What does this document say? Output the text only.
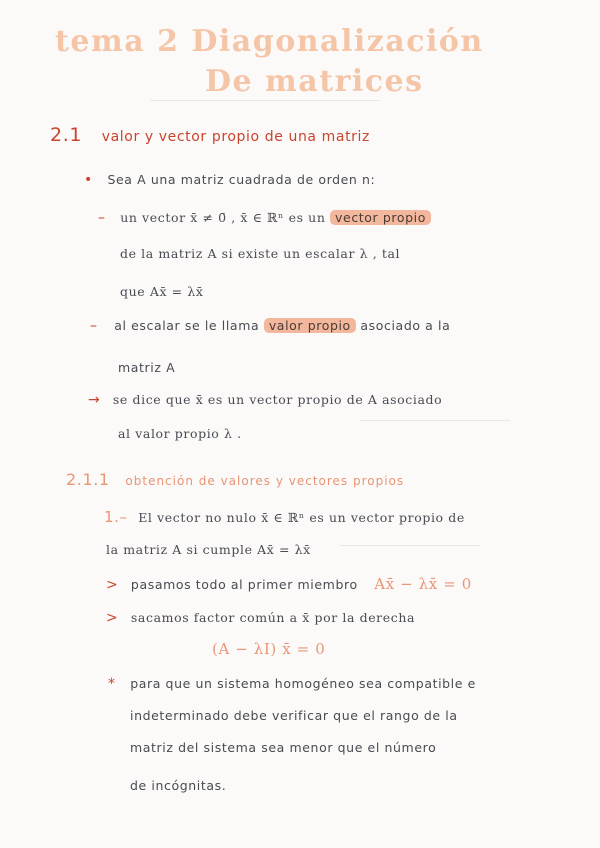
tema 2 Diagonalización
De matrices
2.1 valor y vector propio de una matriz
• Sea A una matriz cuadrada de orden n:
– un vector x̄ ≠ 0̄ , x̄ ∈ ℝⁿ es un vector propio
de la matriz A si existe un escalar λ , tal
que Ax̄ = λx̄
– al escalar se le llama valor propio asociado a la
matriz A
→ se dice que x̄ es un vector propio de A asociado
al valor propio λ .
2.1.1 obtención de valores y vectores propios
1.– El vector no nulo x̄ ∈ ℝⁿ es un vector propio de
la matriz A si cumple Ax̄ = λx̄
> pasamos todo al primer miembro Ax̄ − λx̄ = 0
> sacamos factor común a x̄ por la derecha
(A − λI) x̄ = 0
* para que un sistema homogéneo sea compatible e
indeterminado debe verificar que el rango de la
matriz del sistema sea menor que el número
de incógnitas.
